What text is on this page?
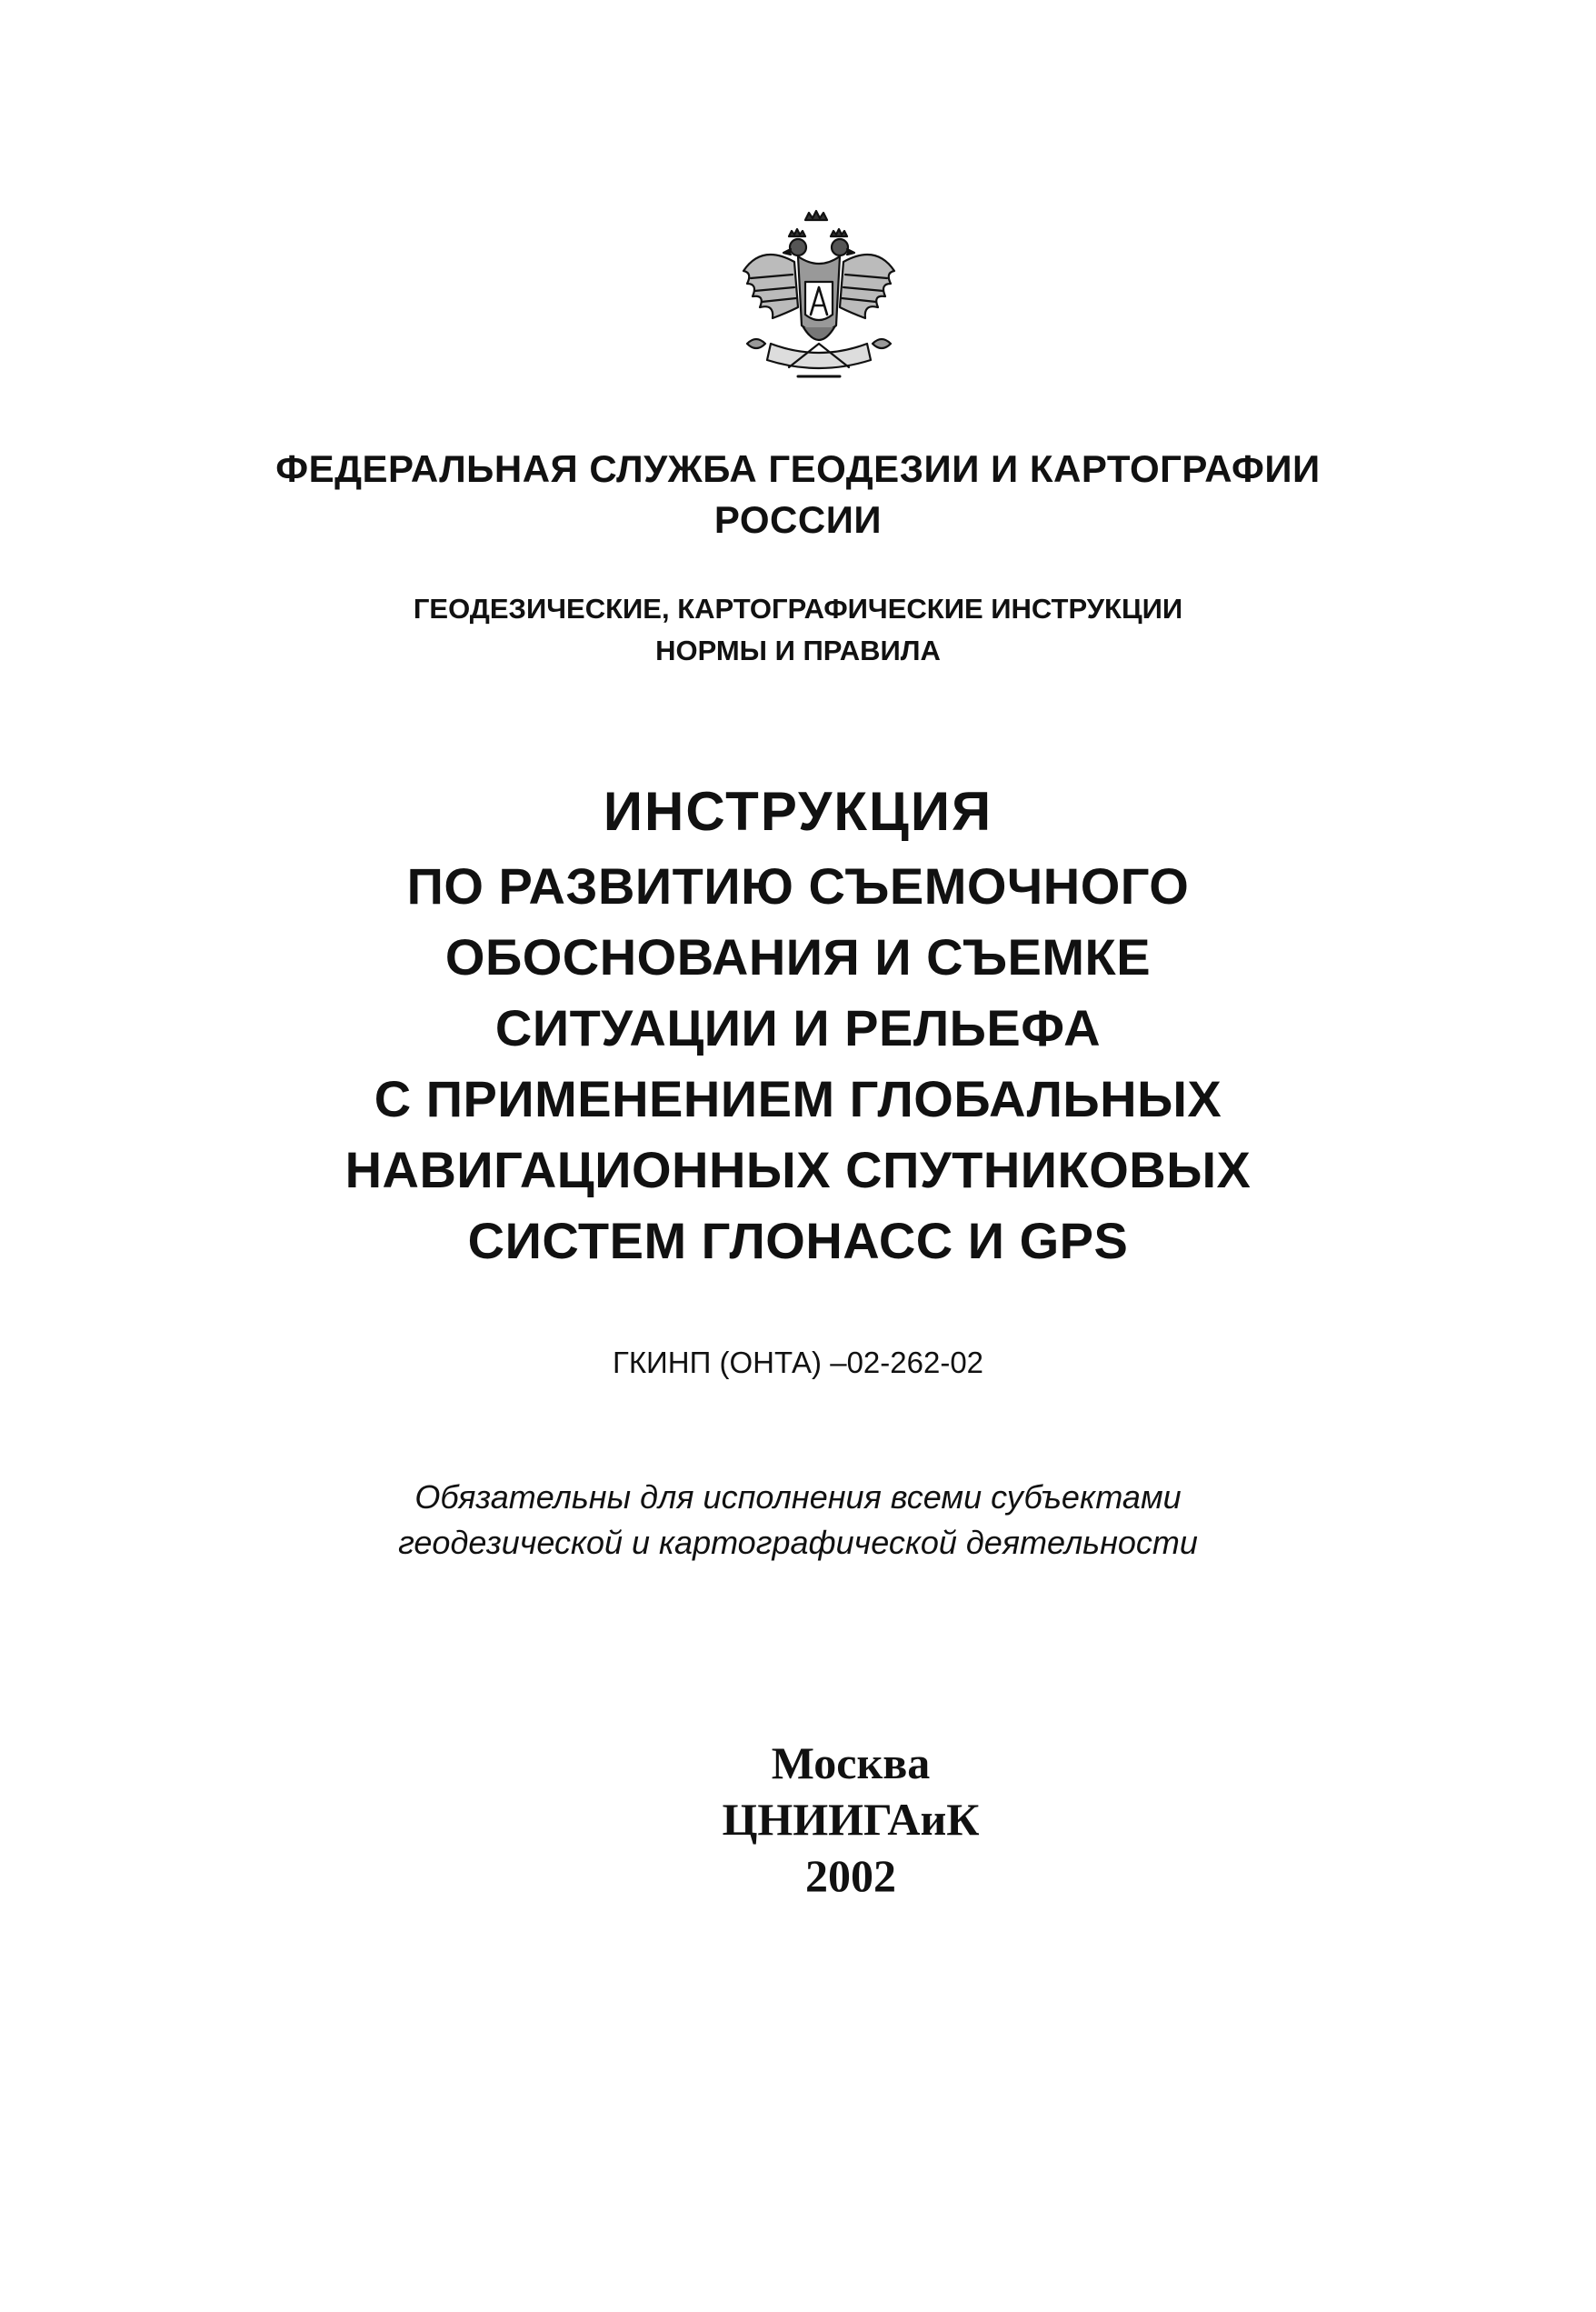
ФЕДЕРАЛЬНАЯ СЛУЖБА ГЕОДЕЗИИ И КАРТОГРАФИИ
РОССИИ
ГЕОДЕЗИЧЕСКИЕ, КАРТОГРАФИЧЕСКИЕ ИНСТРУКЦИИ
НОРМЫ И ПРАВИЛА
ИНСТРУКЦИЯ
ПО РАЗВИТИЮ СЪЕМОЧНОГО
ОБОСНОВАНИЯ И СЪЕМКЕ
СИТУАЦИИ И РЕЛЬЕФА
С ПРИМЕНЕНИЕМ ГЛОБАЛЬНЫХ
НАВИГАЦИОННЫХ СПУТНИКОВЫХ
СИСТЕМ ГЛОНАСС И GPS
ГКИНП (ОНТА) –02-262-02
Обязательны для исполнения всеми субъектами
геодезической и картографической деятельности
Москва
ЦНИИГАиК
2002
